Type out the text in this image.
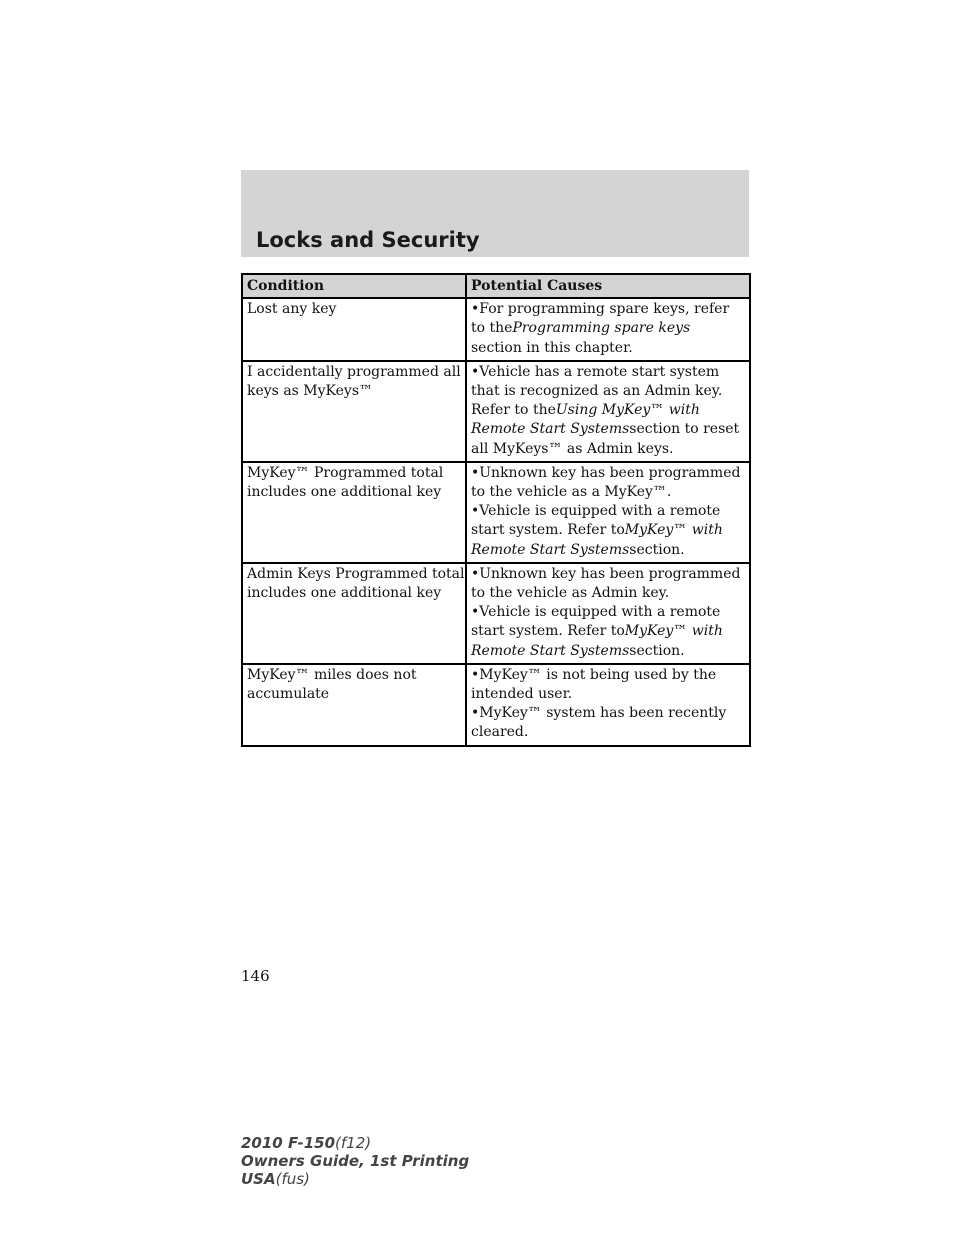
Locks and Security
Condition	Potential Causes

Lost any key	•For programming spare keys, refer
to theProgramming spare keys
section in this chapter.

I accidentally programmed all
keys as MyKeys™	•Vehicle has a remote start system
that is recognized as an Admin key.
Refer to theUsing MyKey™ with
Remote Start Systemssection to reset
all MyKeys™ as Admin keys.

MyKey™ Programmed total
includes one additional key	•Unknown key has been programmed
to the vehicle as a MyKey™.
•Vehicle is equipped with a remote
start system. Refer toMyKey™ with
Remote Start Systemssection.

Admin Keys Programmed total
includes one additional key	•Unknown key has been programmed
to the vehicle as Admin key.
•Vehicle is equipped with a remote
start system. Refer toMyKey™ with
Remote Start Systemssection.

MyKey™ miles does not
accumulate	•MyKey™ is not being used by the
intended user.
•MyKey™ system has been recently
cleared.
146
2010 F-150(f12)
Owners Guide, 1st Printing
USA(fus)
